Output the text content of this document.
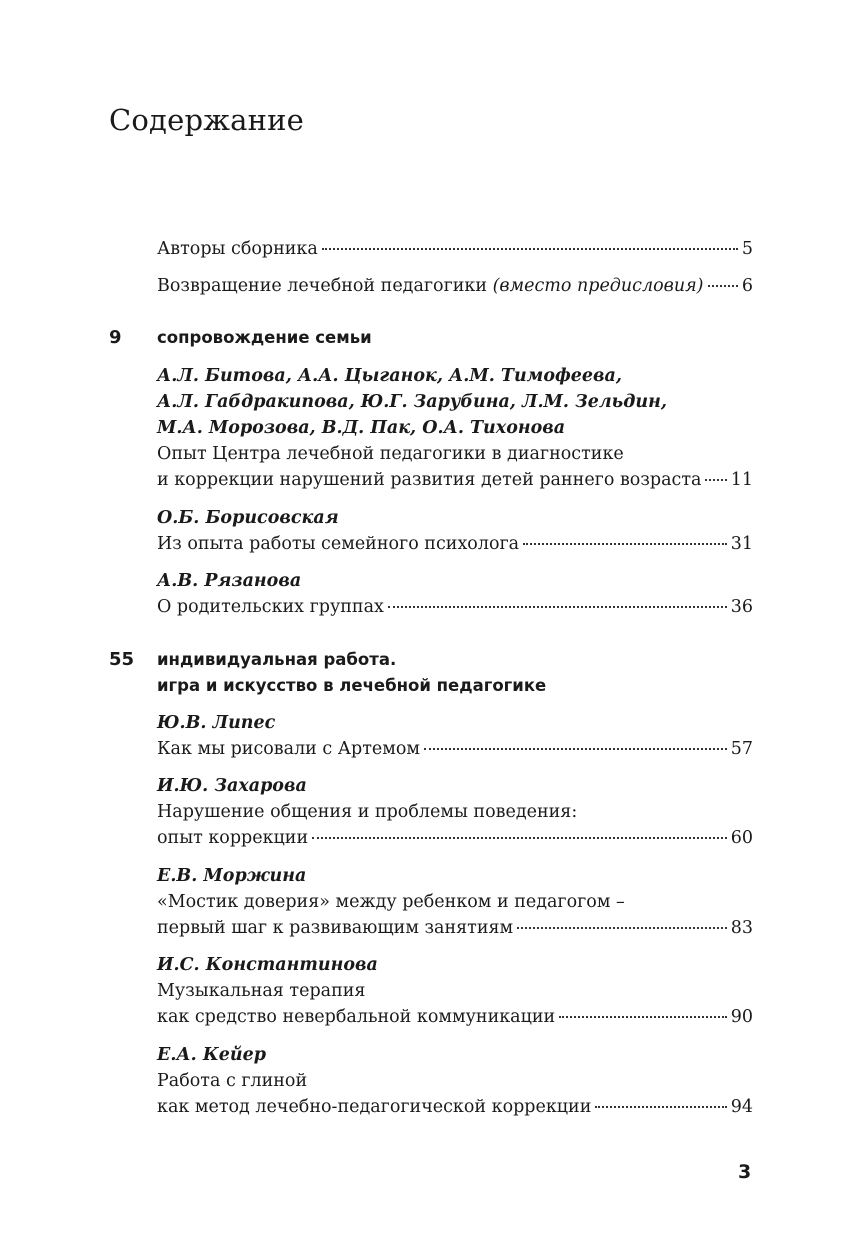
Содержание
Авторы сборника	5
Возвращение лечебной педагогики (вместо предисловия) 6
9 сопровождение семьи
А.Л. Битова, А.А. Цыганок, А.М. Тимофеева,
А.Л. Габдракипова, Ю.Г. Зарубина, Л.М. Зельдин,
М.А. Морозова, В.Д. Пак, О.А. Тихонова
Опыт Центра лечебной педагогики в диагностике
и коррекции нарушений развития детей раннего возраста 11
О.Б. Борисовская
Из опыта работы семейного психолога	31
А.В. Рязанова
О родительских группах	36
55 индивидуальная работа.
игра и искусство в лечебной педагогике
Ю.В. Липес
Как мы рисовали с Артемом	57
И.Ю. Захарова
Нарушение общения и проблемы поведения:
опыт коррекции	60
Е.В. Моржина
«Мостик доверия» между ребенком и педагогом –
первый шаг к развивающим занятиям	83
И.С. Константинова
Музыкальная терапия
как средство невербальной коммуникации	90
Е.А. Кейер
Работа с глиной
как метод лечебно-педагогической коррекции	94
3
